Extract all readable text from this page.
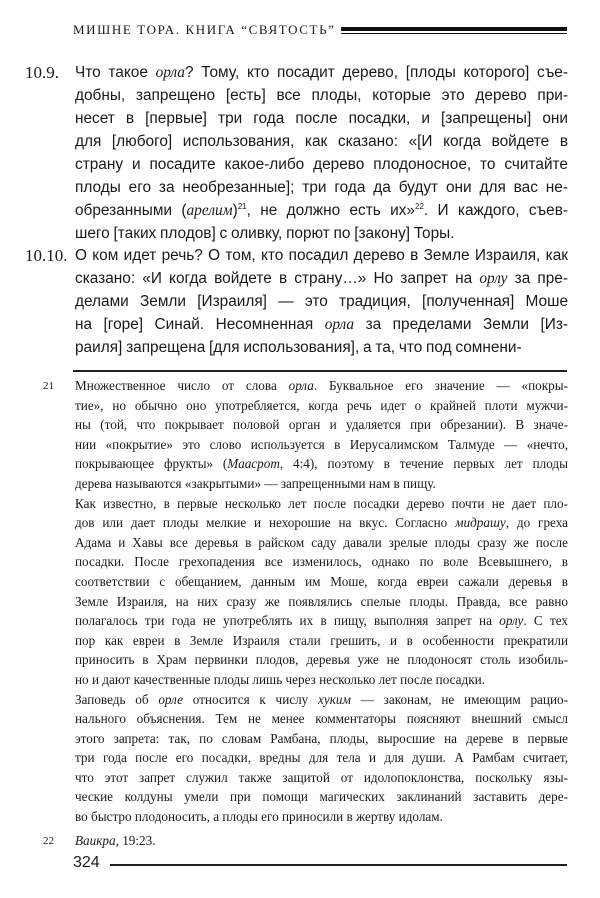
МИШНЕ ТОРА. КНИГА “СВЯТОСТЬ”
10.9. Что такое орла? Тому, кто посадит дерево, [плоды которого] съе-
добны, запрещено [есть] все плоды, которые это дерево при-
несет в [первые] три года после посадки, и [запрещены] они
для [любого] использования, как сказано: «[И когда войдете в
страну и посадите какое-либо дерево плодоносное, то считайте
плоды его за необрезанные]; три года да будут они для вас не-
обрезанными (арелим)$^{21}$, не должно есть их»$^{22}$. И каждого, съев-
шего [таких плодов] с оливку, порют по [закону] Торы.
10.10. О ком идет речь? О том, кто посадил дерево в Земле Израиля, как
сказано: «И когда войдете в страну…» Но запрет на орлу за пре-
делами Земли [Израиля] — это традиция, [полученная] Моше
на [горе] Синай. Несомненная орла за пределами Земли [Из-
раиля] запрещена [для использования], а та, что под сомнени-
21 Множественное число от слова орла. Буквальное его значение — «покры-
тие», но обычно оно употребляется, когда речь идет о крайней плоти мужчи-
ны (той, что покрывает половой орган и удаляется при обрезании). В значе-
нии «покрытие» это слово используется в Иерусалимском Талмуде — «нечто,
покрывающее фрукты» (Маасрот, 4:4), поэтому в течение первых лет плоды
дерева называются «закрытыми» — запрещенными нам в пищу.
Как известно, в первые несколько лет после посадки дерево почти не дает пло-
дов или дает плоды мелкие и нехорошие на вкус. Согласно мидрашу, до греха
Адама и Хавы все деревья в райском саду давали зрелые плоды сразу же после
посадки. После грехопадения все изменилось, однако по воле Всевышнего, в
соответствии с обещанием, данным им Моше, когда евреи сажали деревья в
Земле Израиля, на них сразу же появлялись спелые плоды. Правда, все равно
полагалось три года не употреблять их в пищу, выполняя запрет на орлу. С тех
пор как евреи в Земле Израиля стали грешить, и в особенности прекратили
приносить в Храм первинки плодов, деревья уже не плодоносят столь изобиль-
но и дают качественные плоды лишь через несколько лет после посадки.
Заповедь об орле относится к числу хуким — законам, не имеющим рацио-
нального объяснения. Тем не менее комментаторы поясняют внешний смысл
этого запрета: так, по словам Рамбана, плоды, выросшие на дереве в первые
три года после его посадки, вредны для тела и для души. А Рамбам считает,
что этот запрет служил также защитой от идолопоклонства, поскольку язы-
ческие колдуны умели при помощи магических заклинаний заставить дере-
во быстро плодоносить, а плоды его приносили в жертву идолам.
22 Ваикра, 19:23.
324
